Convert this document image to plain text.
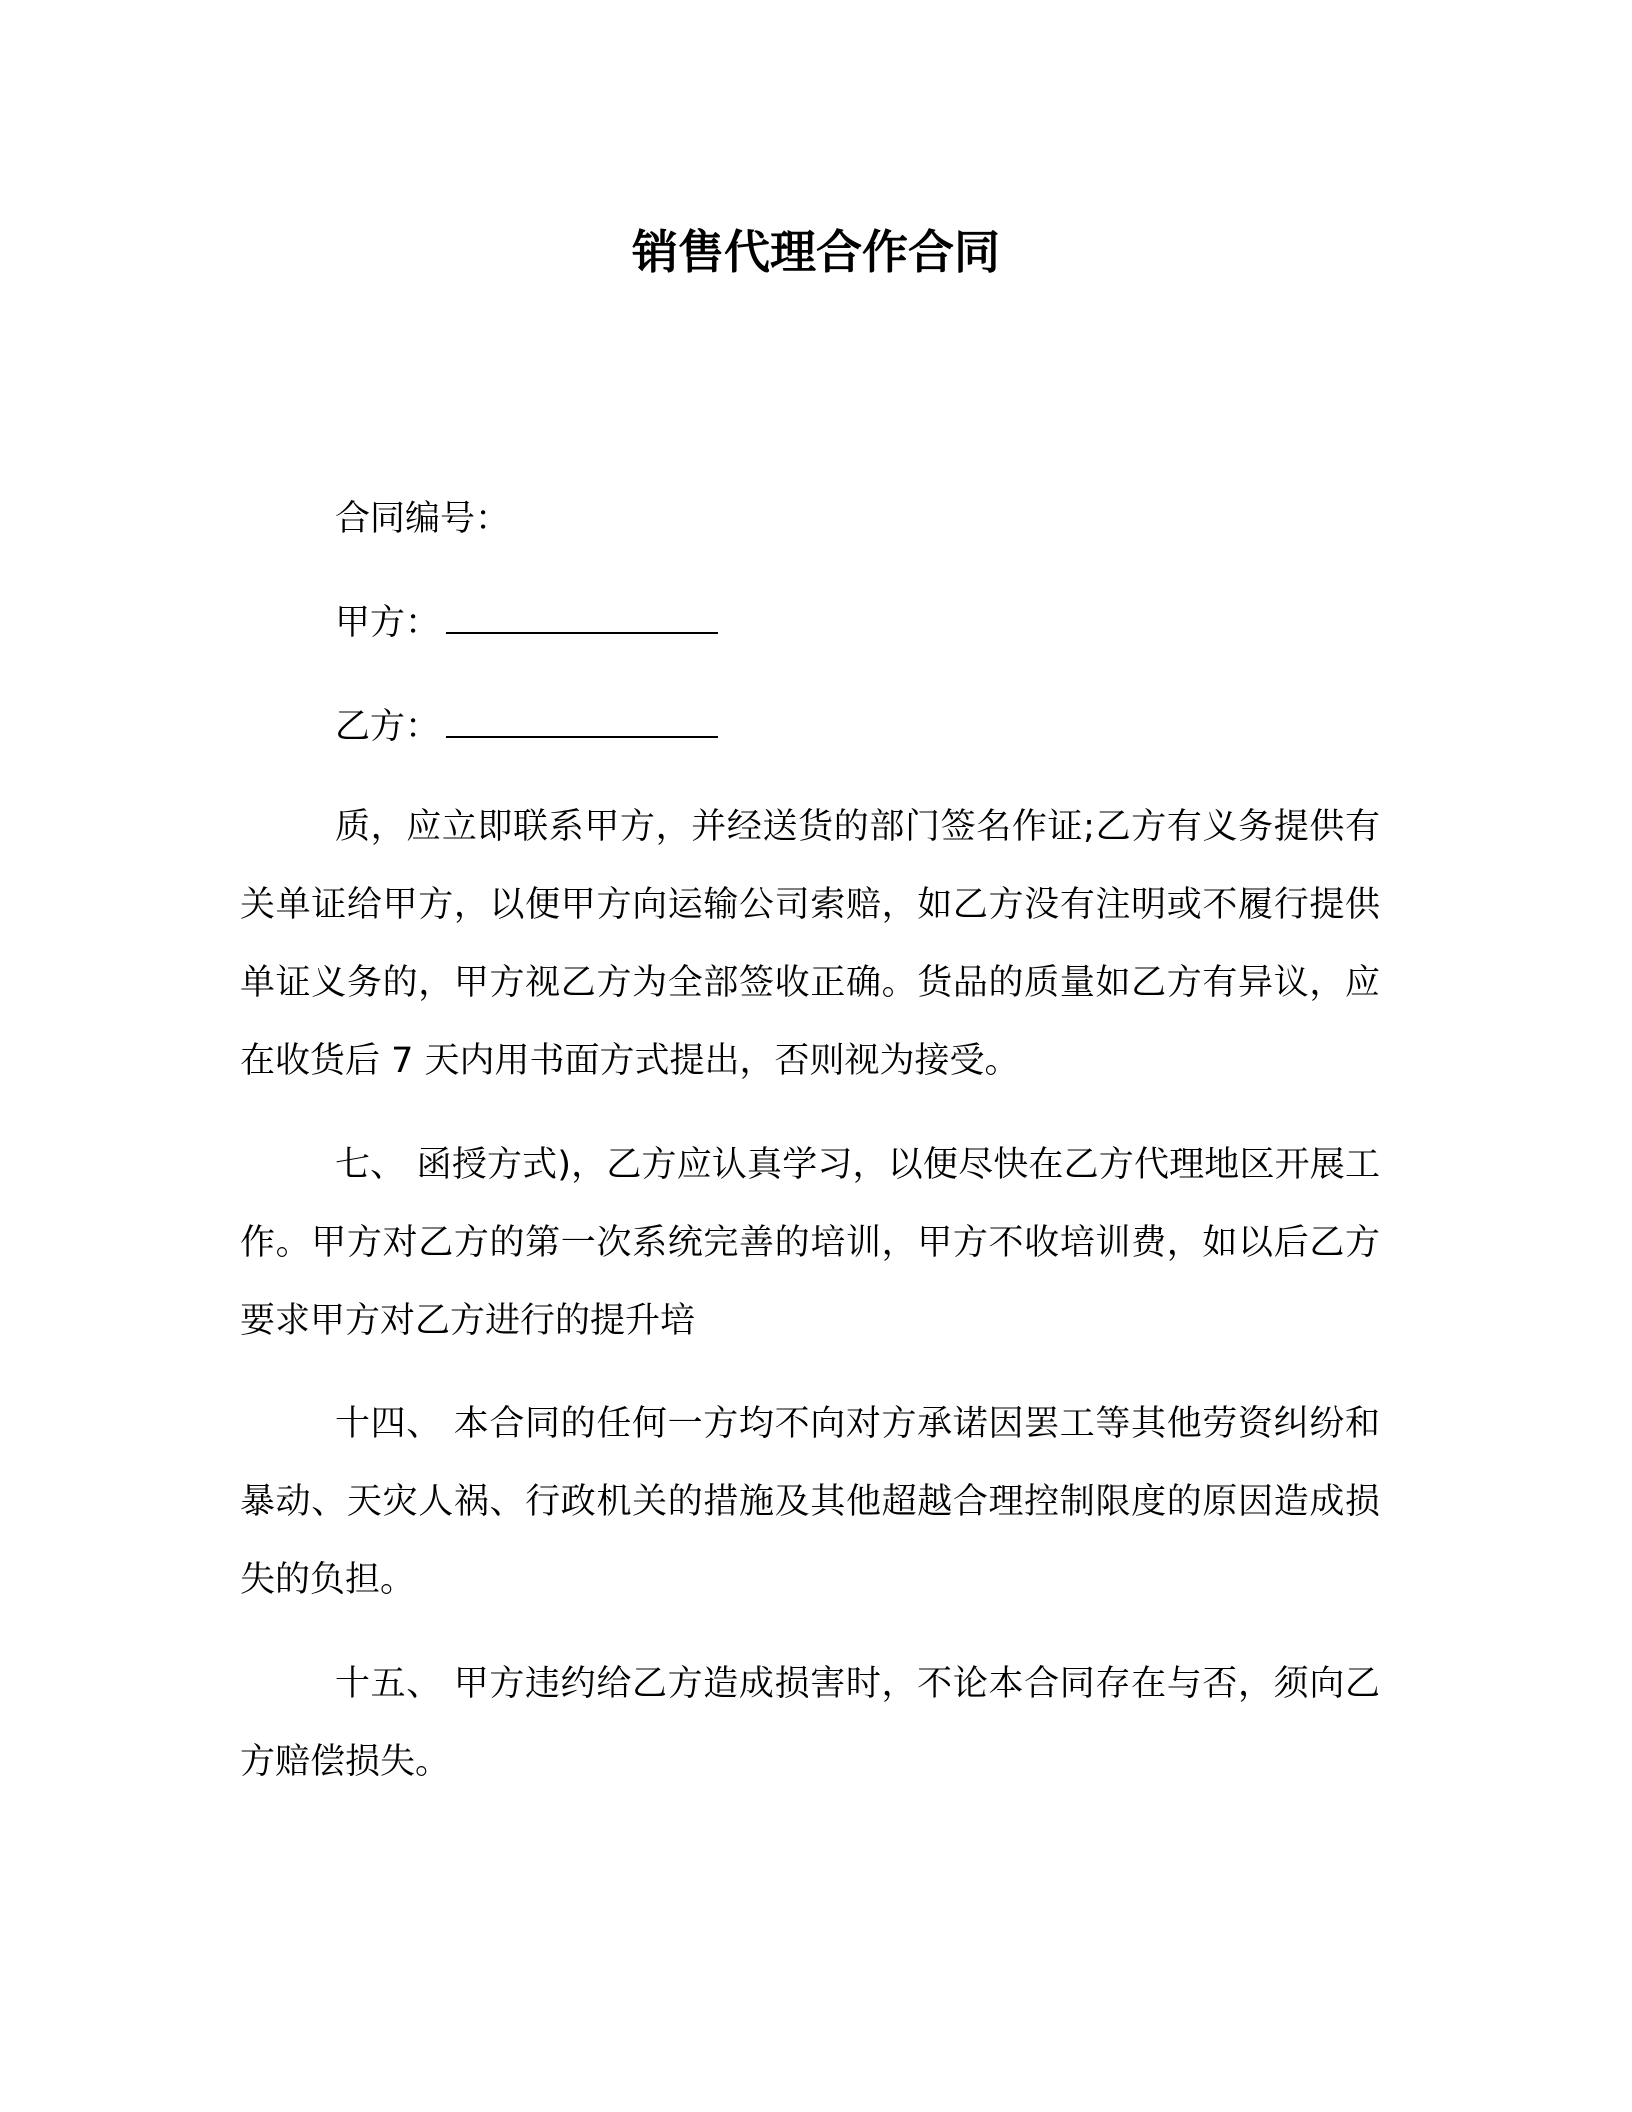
销售代理合作合同
合同编号：
甲方：
乙方：

质，应立即联系甲方，并经送货的部门签名作证;乙方有义务提供有关单证给甲方，以便甲方向运输公司索赔，如乙方没有注明或不履行提供单证义务的，甲方视乙方为全部签收正确。货品的质量如乙方有异议，应在收货后 7 天内用书面方式提出，否则视为接受。

七、 函授方式)，乙方应认真学习，以便尽快在乙方代理地区开展工作。甲方对乙方的第一次系统完善的培训，甲方不收培训费，如以后乙方要求甲方对乙方进行的提升培

十四、 本合同的任何一方均不向对方承诺因罢工等其他劳资纠纷和暴动、天灾人祸、行政机关的措施及其他超越合理控制限度的原因造成损失的负担。

十五、 甲方违约给乙方造成损害时，不论本合同存在与否，须向乙方赔偿损失。
